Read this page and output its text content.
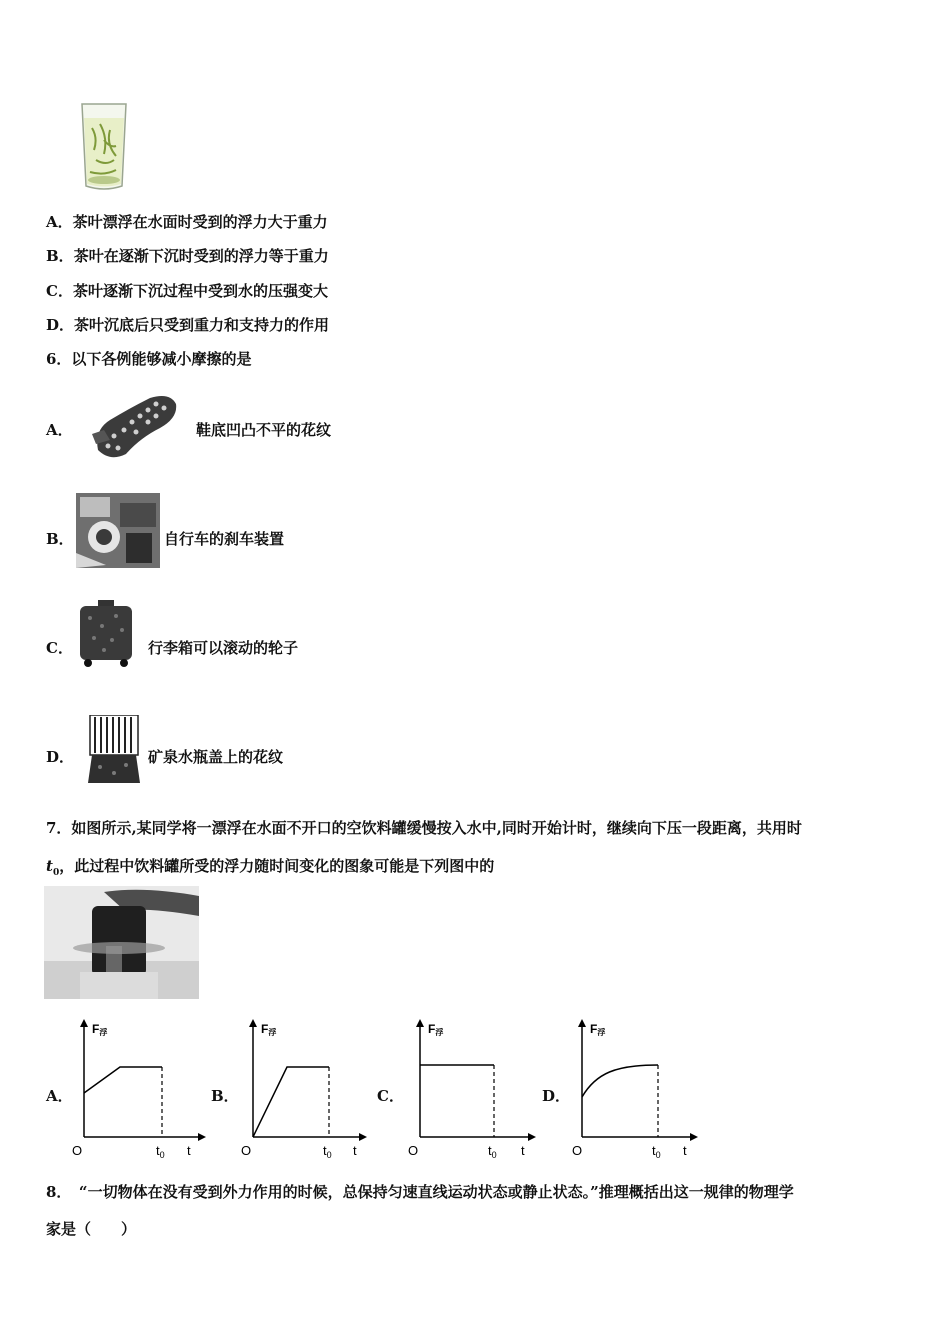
A．茶叶漂浮在水面时受到的浮力大于重力
B．茶叶在逐渐下沉时受到的浮力等于重力
C．茶叶逐渐下沉过程中受到水的压强变大
D．茶叶沉底后只受到重力和支持力的作用
6．以下各例能够减小摩擦的是
A．	鞋底凹凸不平的花纹
B．	自行车的刹车装置
C．	行李箱可以滚动的轮子
D．	矿泉水瓶盖上的花纹
7．如图所示,某同学将一漂浮在水面不开口的空饮料罐缓慢按入水中,同时开始计时，继续向下压一段距离，共用时
$t_0$，此过程中饮料罐所受的浮力随时间变化的图象可能是下列图中的
A．
F浮
O	$t_0$ t
B．
F浮
O	$t_0$ t
C．
F浮
O	$t_0$ t
D．
F浮
O	$t_0$ t
8．　“一切物体在没有受到外力作用的时候，总保持匀速直线运动状态或静止状态。”推理概括出这一规律的物理学
家是（　　）
